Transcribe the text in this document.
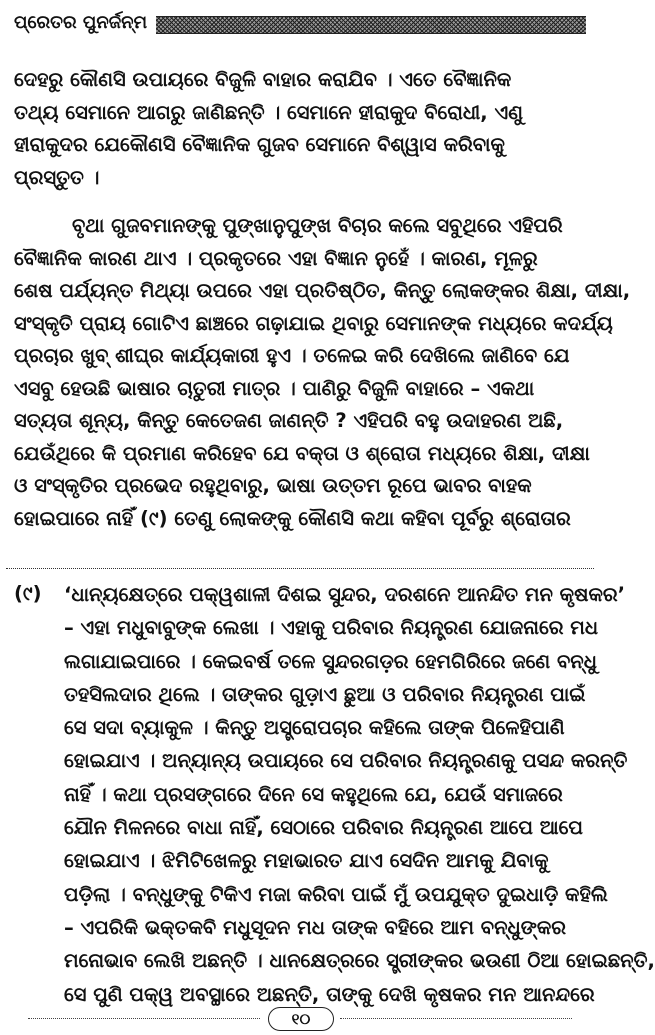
ପ୍ରେତର ପୁନର୍ଜନ୍ମ

ଦେହରୁ କୌଣସି ଉପାୟରେ ବିଜୁଳି ବାହାର କରାଯିବ । ଏତେ ବୈଜ୍ଞାନିକ
ତଥ୍ୟ ସେମାନେ ଆଗରୁ ଜାଣିଛନ୍ତି । ସେମାନେ ହୀରାକୁଦ ବିରୋଧୀ, ଏଣୁ
ହୀରାକୁଦର ଯେକୌଣସି ବୈଜ୍ଞାନିକ ଗୁଜବ ସେମାନେ ବିଶ୍ୱାସ କରିବାକୁ
ପ୍ରସ୍ତୁତ ।

ବୃଥା ଗୁଜବମାନଙ୍କୁ ପୁଙ୍ଖାନୁପୁଙ୍ଖ ବିଚାର କଲେ ସବୁଥିରେ ଏହିପରି
ବୈଜ୍ଞାନିକ କାରଣ ଥାଏ । ପ୍ରକୃତରେ ଏହା ବିଜ୍ଞାନ ନୁହେଁ । କାରଣ, ମୂଳରୁ
ଶେଷ ପର୍ଯ୍ୟନ୍ତ ମିଥ୍ୟା ଉପରେ ଏହା ପ୍ରତିଷ୍ଠିତ, କିନ୍ତୁ ଲୋକଙ୍କର ଶିକ୍ଷା, ଦୀକ୍ଷା,
ସଂସ୍କୃତି ପ୍ରାୟ ଗୋଟିଏ ଛାଞ୍ଚରେ ଗଢ଼ାଯାଇ ଥିବାରୁ ସେମାନଙ୍କ ମଧ୍ୟରେ କଦର୍ଯ୍ୟ
ପ୍ରଚାର ଖୁବ୍ ଶୀଘ୍ର କାର୍ଯ୍ୟକାରୀ ହୁଏ । ତଳେଇ କରି ଦେଖିଲେ ଜାଣିବେ ଯେ
ଏସବୁ ହେଉଛି ଭାଷାର ଚାତୁରୀ ମାତ୍ର । ପାଣିରୁ ବିଜୁଳି ବାହାରେ – ଏକଥା
ସତ୍ୟତା ଶୂନ୍ୟ, କିନ୍ତୁ କେତେଜଣ ଜାଣନ୍ତି ? ଏହିପରି ବହୁ ଉଦାହରଣ ଅଛି,
ଯେଉଁଥିରେ କି ପ୍ରମାଣ କରିହେବ ଯେ ବକ୍ତା ଓ ଶ୍ରୋତା ମଧ୍ୟରେ ଶିକ୍ଷା, ଦୀକ୍ଷା
ଓ ସଂସ୍କୃତିର ପ୍ରଭେଦ ରହୁଥିବାରୁ, ଭାଷା ଉତ୍ତମ ରୂପେ ଭାବର ବାହକ
ହୋଇପାରେ ନାହିଁ (୯) ତେଣୁ ଲୋକଙ୍କୁ କୌଣସି କଥା କହିବା ପୂର୍ବରୁ ଶ୍ରୋତାର

(୯) ‘ଧାନ୍ୟକ୍ଷେତ୍ରେ ପକ୍ୱଶାଳୀ ଦିଶଇ ସୁନ୍ଦର, ଦରଶନେ ଆନନ୍ଦିତ ମନ କୃଷକର’
– ଏହା ମଧୁବାବୁଙ୍କ ଲେଖା । ଏହାକୁ ପରିବାର ନିୟନ୍ତ୍ରଣ ଯୋଜନାରେ ମଧ
ଲଗାଯାଇପାରେ । କେଇବର୍ଷ ତଳେ ସୁନ୍ଦରଗଡ଼ର ହେମଗିରିରେ ଜଣେ ବନ୍ଧୁ
ତହସିଲଦାର ଥିଲେ । ତାଙ୍କର ଗୁଡ଼ାଏ ଛୁଆ ଓ ପରିବାର ନିୟନ୍ତ୍ରଣ ପାଇଁ
ସେ ସଦା ବ୍ୟାକୁଳ । କିନ୍ତୁ ଅସ୍ତ୍ରୋପଚାର କହିଲେ ତାଙ୍କ ପିଳେହିପାଣି
ହୋଇଯାଏ । ଅନ୍ୟାନ୍ୟ ଉପାୟରେ ସେ ପରିବାର ନିୟନ୍ତ୍ରଣକୁ ପସନ୍ଦ କରନ୍ତି
ନାହିଁ । କଥା ପ୍ରସଙ୍ଗରେ ଦିନେ ସେ କହୁଥିଲେ ଯେ, ଯେଉଁ ସମାଜରେ
ଯୌନ ମିଳନରେ ବାଧା ନାହିଁ, ସେଠାରେ ପରିବାର ନିୟନ୍ତ୍ରଣ ଆପେ ଆପେ
ହୋଇଯାଏ । ଝିମିଟିଖେଳରୁ ମହାଭାରତ ଯାଏ ସେଦିନ ଆମକୁ ଯିବାକୁ
ପଡ଼ିଲା । ବନ୍ଧୁଙ୍କୁ ଟିକିଏ ମଜା କରିବା ପାଇଁ ମୁଁ ଉପଯୁକ୍ତ ଦୁଇଧାଡ଼ି କହିଲି
– ଏପରିକି ଭକ୍ତକବି ମଧୁସୂଦନ ମଧ ତାଙ୍କ ବହିରେ ଆମ ବନ୍ଧୁଙ୍କର
ମନୋଭାବ ଲେଖି ଅଛନ୍ତି । ଧାନକ୍ଷେତ୍ରରେ ସ୍ତ୍ରୀଙ୍କର ଭଉଣୀ ଠିଆ ହୋଇଛନ୍ତି,
ସେ ପୁଣି ପକ୍ୱ ଅବସ୍ଥାରେ ଅଛନ୍ତି, ତାଙ୍କୁ ଦେଖି କୃଷକର ମନ ଆନନ୍ଦରେ
୧୦
